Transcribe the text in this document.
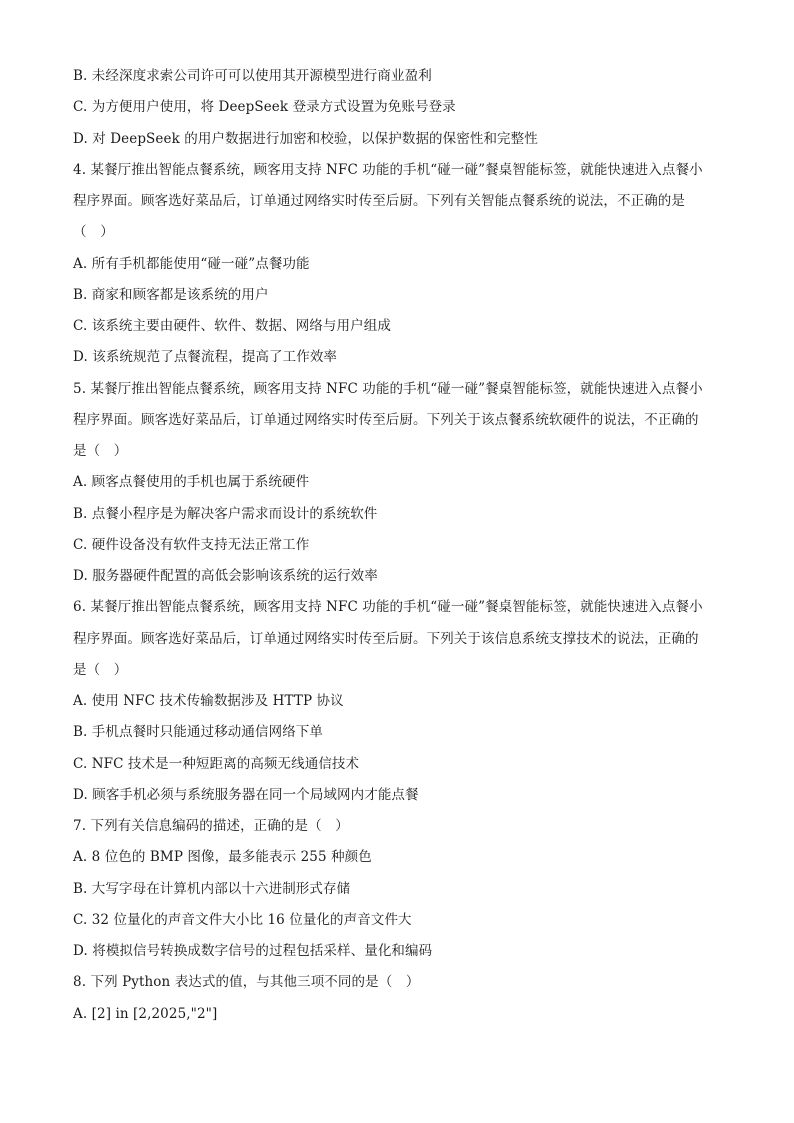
B. 未经深度求索公司许可可以使用其开源模型进行商业盈利
C. 为方便用户使用，将 DeepSeek 登录方式设置为免账号登录
D. 对 DeepSeek 的用户数据进行加密和校验，以保护数据的保密性和完整性
4. 某餐厅推出智能点餐系统，顾客用支持 NFC 功能的手机“碰一碰”餐桌智能标签，就能快速进入点餐小
程序界面。顾客选好菜品后，订单通过网络实时传至后厨。下列有关智能点餐系统的说法，不正确的是
（　）
A. 所有手机都能使用“碰一碰”点餐功能
B. 商家和顾客都是该系统的用户
C. 该系统主要由硬件、软件、数据、网络与用户组成
D. 该系统规范了点餐流程，提高了工作效率
5. 某餐厅推出智能点餐系统，顾客用支持 NFC 功能的手机“碰一碰”餐桌智能标签，就能快速进入点餐小
程序界面。顾客选好菜品后，订单通过网络实时传至后厨。下列关于该点餐系统软硬件的说法，不正确的
是（　）
A. 顾客点餐使用的手机也属于系统硬件
B. 点餐小程序是为解决客户需求而设计的系统软件
C. 硬件设备没有软件支持无法正常工作
D. 服务器硬件配置的高低会影响该系统的运行效率
6. 某餐厅推出智能点餐系统，顾客用支持 NFC 功能的手机“碰一碰”餐桌智能标签，就能快速进入点餐小
程序界面。顾客选好菜品后，订单通过网络实时传至后厨。下列关于该信息系统支撑技术的说法，正确的
是（　）
A. 使用 NFC 技术传输数据涉及 HTTP 协议
B. 手机点餐时只能通过移动通信网络下单
C. NFC 技术是一种短距离的高频无线通信技术
D. 顾客手机必须与系统服务器在同一个局域网内才能点餐
7. 下列有关信息编码的描述，正确的是（　）
A. 8 位色的 BMP 图像，最多能表示 255 种颜色
B. 大写字母在计算机内部以十六进制形式存储
C. 32 位量化的声音文件大小比 16 位量化的声音文件大
D. 将模拟信号转换成数字信号的过程包括采样、量化和编码
8. 下列 Python 表达式的值，与其他三项不同的是（　）
A. [2] in [2,2025,"2"]
